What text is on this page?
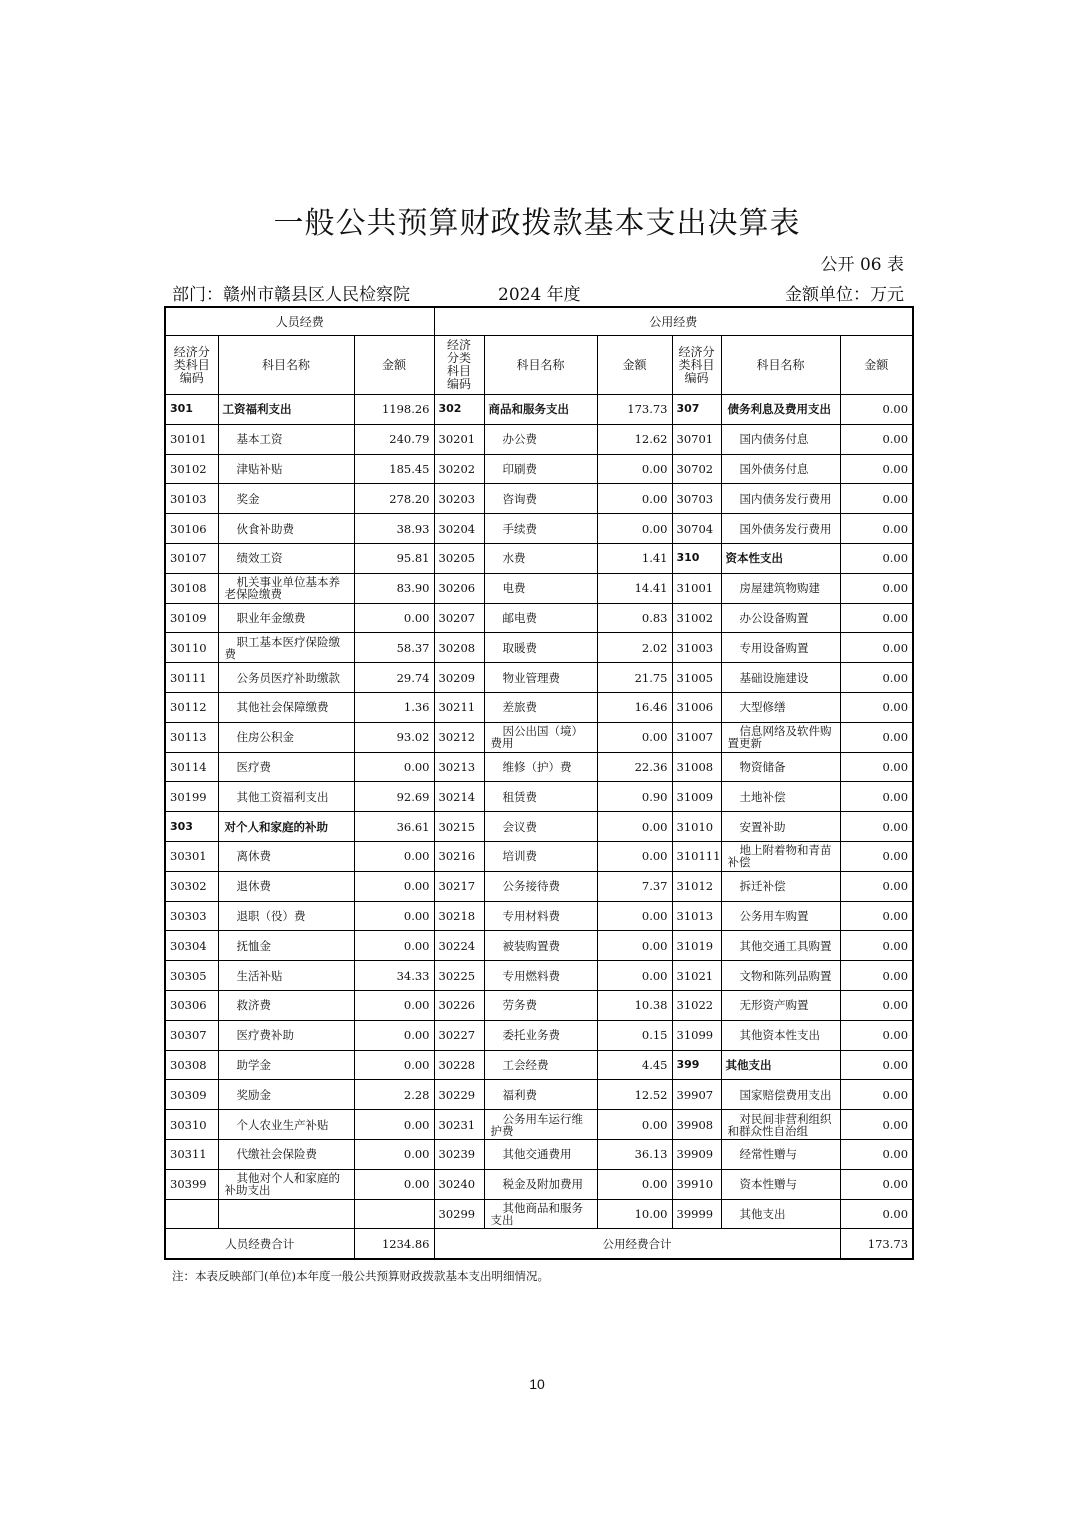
一般公共预算财政拨款基本支出决算表
公开 06 表
部门：赣州市赣县区人民检察院	2024 年度	金额单位：万元
人员经费			公用经费					
经济分类科目编码	科目名称	金额	经济分类科目编码	科目名称	金额	经济分类科目编码	科目名称	金额
301	工资福利支出	1198.26	302	商品和服务支出	173.73	307	债务利息及费用支出	0.00
30101	基本工资	240.79	30201	办公费	12.62	30701	国内债务付息	0.00
30102	津贴补贴	185.45	30202	印刷费	0.00	30702	国外债务付息	0.00
30103	奖金	278.20	30203	咨询费	0.00	30703	国内债务发行费用	0.00
30106	伙食补助费	38.93	30204	手续费	0.00	30704	国外债务发行费用	0.00
30107	绩效工资	95.81	30205	水费	1.41	310	资本性支出	0.00
30108	机关事业单位基本养老保险缴费	83.90	30206	电费	14.41	31001	房屋建筑物购建	0.00
30109	职业年金缴费	0.00	30207	邮电费	0.83	31002	办公设备购置	0.00
30110	职工基本医疗保险缴费	58.37	30208	取暖费	2.02	31003	专用设备购置	0.00
30111	公务员医疗补助缴款	29.74	30209	物业管理费	21.75	31005	基础设施建设	0.00
30112	其他社会保障缴费	1.36	30211	差旅费	16.46	31006	大型修缮	0.00
30113	住房公积金	93.02	30212	因公出国（境）费用	0.00	31007	信息网络及软件购置更新	0.00
30114	医疗费	0.00	30213	维修（护）费	22.36	31008	物资储备	0.00
30199	其他工资福利支出	92.69	30214	租赁费	0.90	31009	土地补偿	0.00
303	对个人和家庭的补助	36.61	30215	会议费	0.00	31010	安置补助	0.00
30301	离休费	0.00	30216	培训费	0.00	310111	地上附着物和青苗补偿	0.00
30302	退休费	0.00	30217	公务接待费	7.37	31012	拆迁补偿	0.00
30303	退职（役）费	0.00	30218	专用材料费	0.00	31013	公务用车购置	0.00
30304	抚恤金	0.00	30224	被装购置费	0.00	31019	其他交通工具购置	0.00
30305	生活补贴	34.33	30225	专用燃料费	0.00	31021	文物和陈列品购置	0.00
30306	救济费	0.00	30226	劳务费	10.38	31022	无形资产购置	0.00
30307	医疗费补助	0.00	30227	委托业务费	0.15	31099	其他资本性支出	0.00
30308	助学金	0.00	30228	工会经费	4.45	399	其他支出	0.00
30309	奖励金	2.28	30229	福利费	12.52	39907	国家赔偿费用支出	0.00
30310	个人农业生产补贴	0.00	30231	公务用车运行维护费	0.00	39908	对民间非营利组织和群众性自治组	0.00
30311	代缴社会保险费	0.00	30239	其他交通费用	36.13	39909	经常性赠与	0.00
30399	其他对个人和家庭的补助支出	0.00	30240	税金及附加费用	0.00	39910	资本性赠与	0.00
			30299	其他商品和服务支出	10.00	39999	其他支出	0.00
人员经费合计		1234.86	公用经费合计					173.73
注：本表反映部门(单位)本年度一般公共预算财政拨款基本支出明细情况。
10
